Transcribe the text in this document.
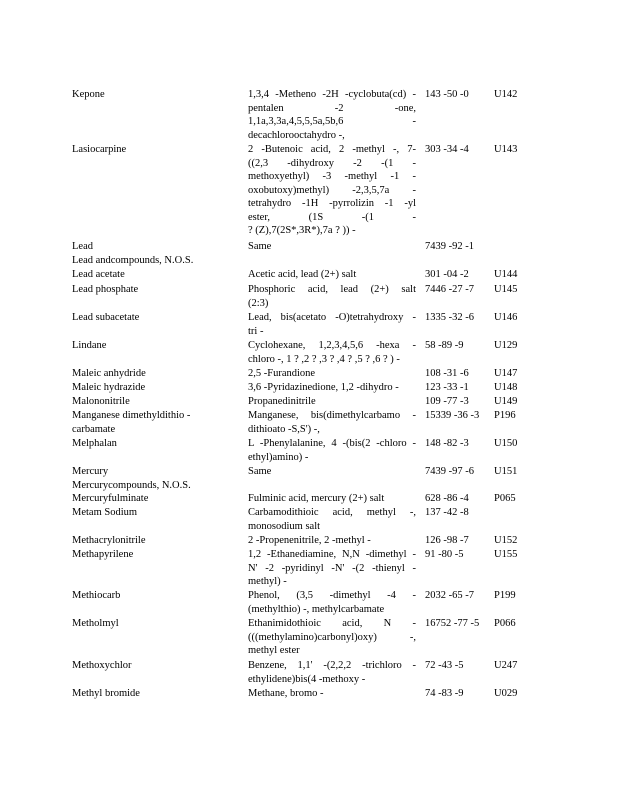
Kepone	1,3,4 -Metheno -2H -cyclobuta(cd) -
pentalen -2 -one,
1,1a,3,3a,4,5,5,5a,5b,6 -
decachlorooctahydro -,
143 -50 -0	U142
Lasiocarpine	2 -Butenoic acid, 2 -methyl -, 7-
((2,3 -dihydroxy -2 -(1 -
methoxyethyl) -3 -methyl -1 -
oxobutoxy)methyl) -2,3,5,7a -
tetrahydro -1H -pyrrolizin -1 -yl
ester, (1S -(1 -
? (Z),7(2S*,3R*),7a ? )) -
303 -34 -4	U143
Lead
Lead andcompounds, N.O.S.
Same	7439 -92 -1
Lead acetate	Acetic acid, lead (2+) salt	301 -04 -2	U144
Lead phosphate	Phosphoric acid, lead (2+) salt
(2:3)
7446 -27 -7	U145
Lead subacetate	Lead, bis(acetato -O)tetrahydroxy -
tri -
1335 -32 -6	U146
Lindane	Cyclohexane, 1,2,3,4,5,6 -hexa -
chloro -, 1 ? ,2 ? ,3 ? ,4 ? ,5 ? ,6 ? ) -
58 -89 -9	U129
Maleic anhydride	2,5 -Furandione	108 -31 -6	U147
Maleic hydrazide	3,6 -Pyridazinedione, 1,2 -dihydro -	123 -33 -1	U148
Malononitrile	Propanedinitrile	109 -77 -3	U149
Manganese dimethyldithio -
carbamate
Manganese, bis(dimethylcarbamo -
dithioato -S,S') -,
15339 -36 -3	P196
Melphalan	L -Phenylalanine, 4 -(bis(2 -chloro -
ethyl)amino) -
148 -82 -3	U150
Mercury
Mercurycompounds, N.O.S.
Same	7439 -97 -6	U151
Mercuryfulminate	Fulminic acid, mercury (2+) salt	628 -86 -4	P065
Metam Sodium	Carbamodithioic acid, methyl -,
monosodium salt
137 -42 -8
Methacrylonitrile	2 -Propenenitrile, 2 -methyl -	126 -98 -7	U152
Methapyrilene	1,2 -Ethanediamine, N,N -dimethyl -
N' -2 -pyridinyl -N' -(2 -thienyl -
methyl) -
91 -80 -5	U155
Methiocarb	Phenol, (3,5 -dimethyl -4 -
(methylthio) -, methylcarbamate
2032 -65 -7	P199
Metholmyl	Ethanimidothioic acid, N -
(((methylamino)carbonyl)oxy) -,
methyl ester
16752 -77 -5	P066
Methoxychlor	Benzene, 1,1' -(2,2,2 -trichloro -
ethylidene)bis(4 -methoxy -
72 -43 -5	U247
Methyl bromide	Methane, bromo -	74 -83 -9	U029
